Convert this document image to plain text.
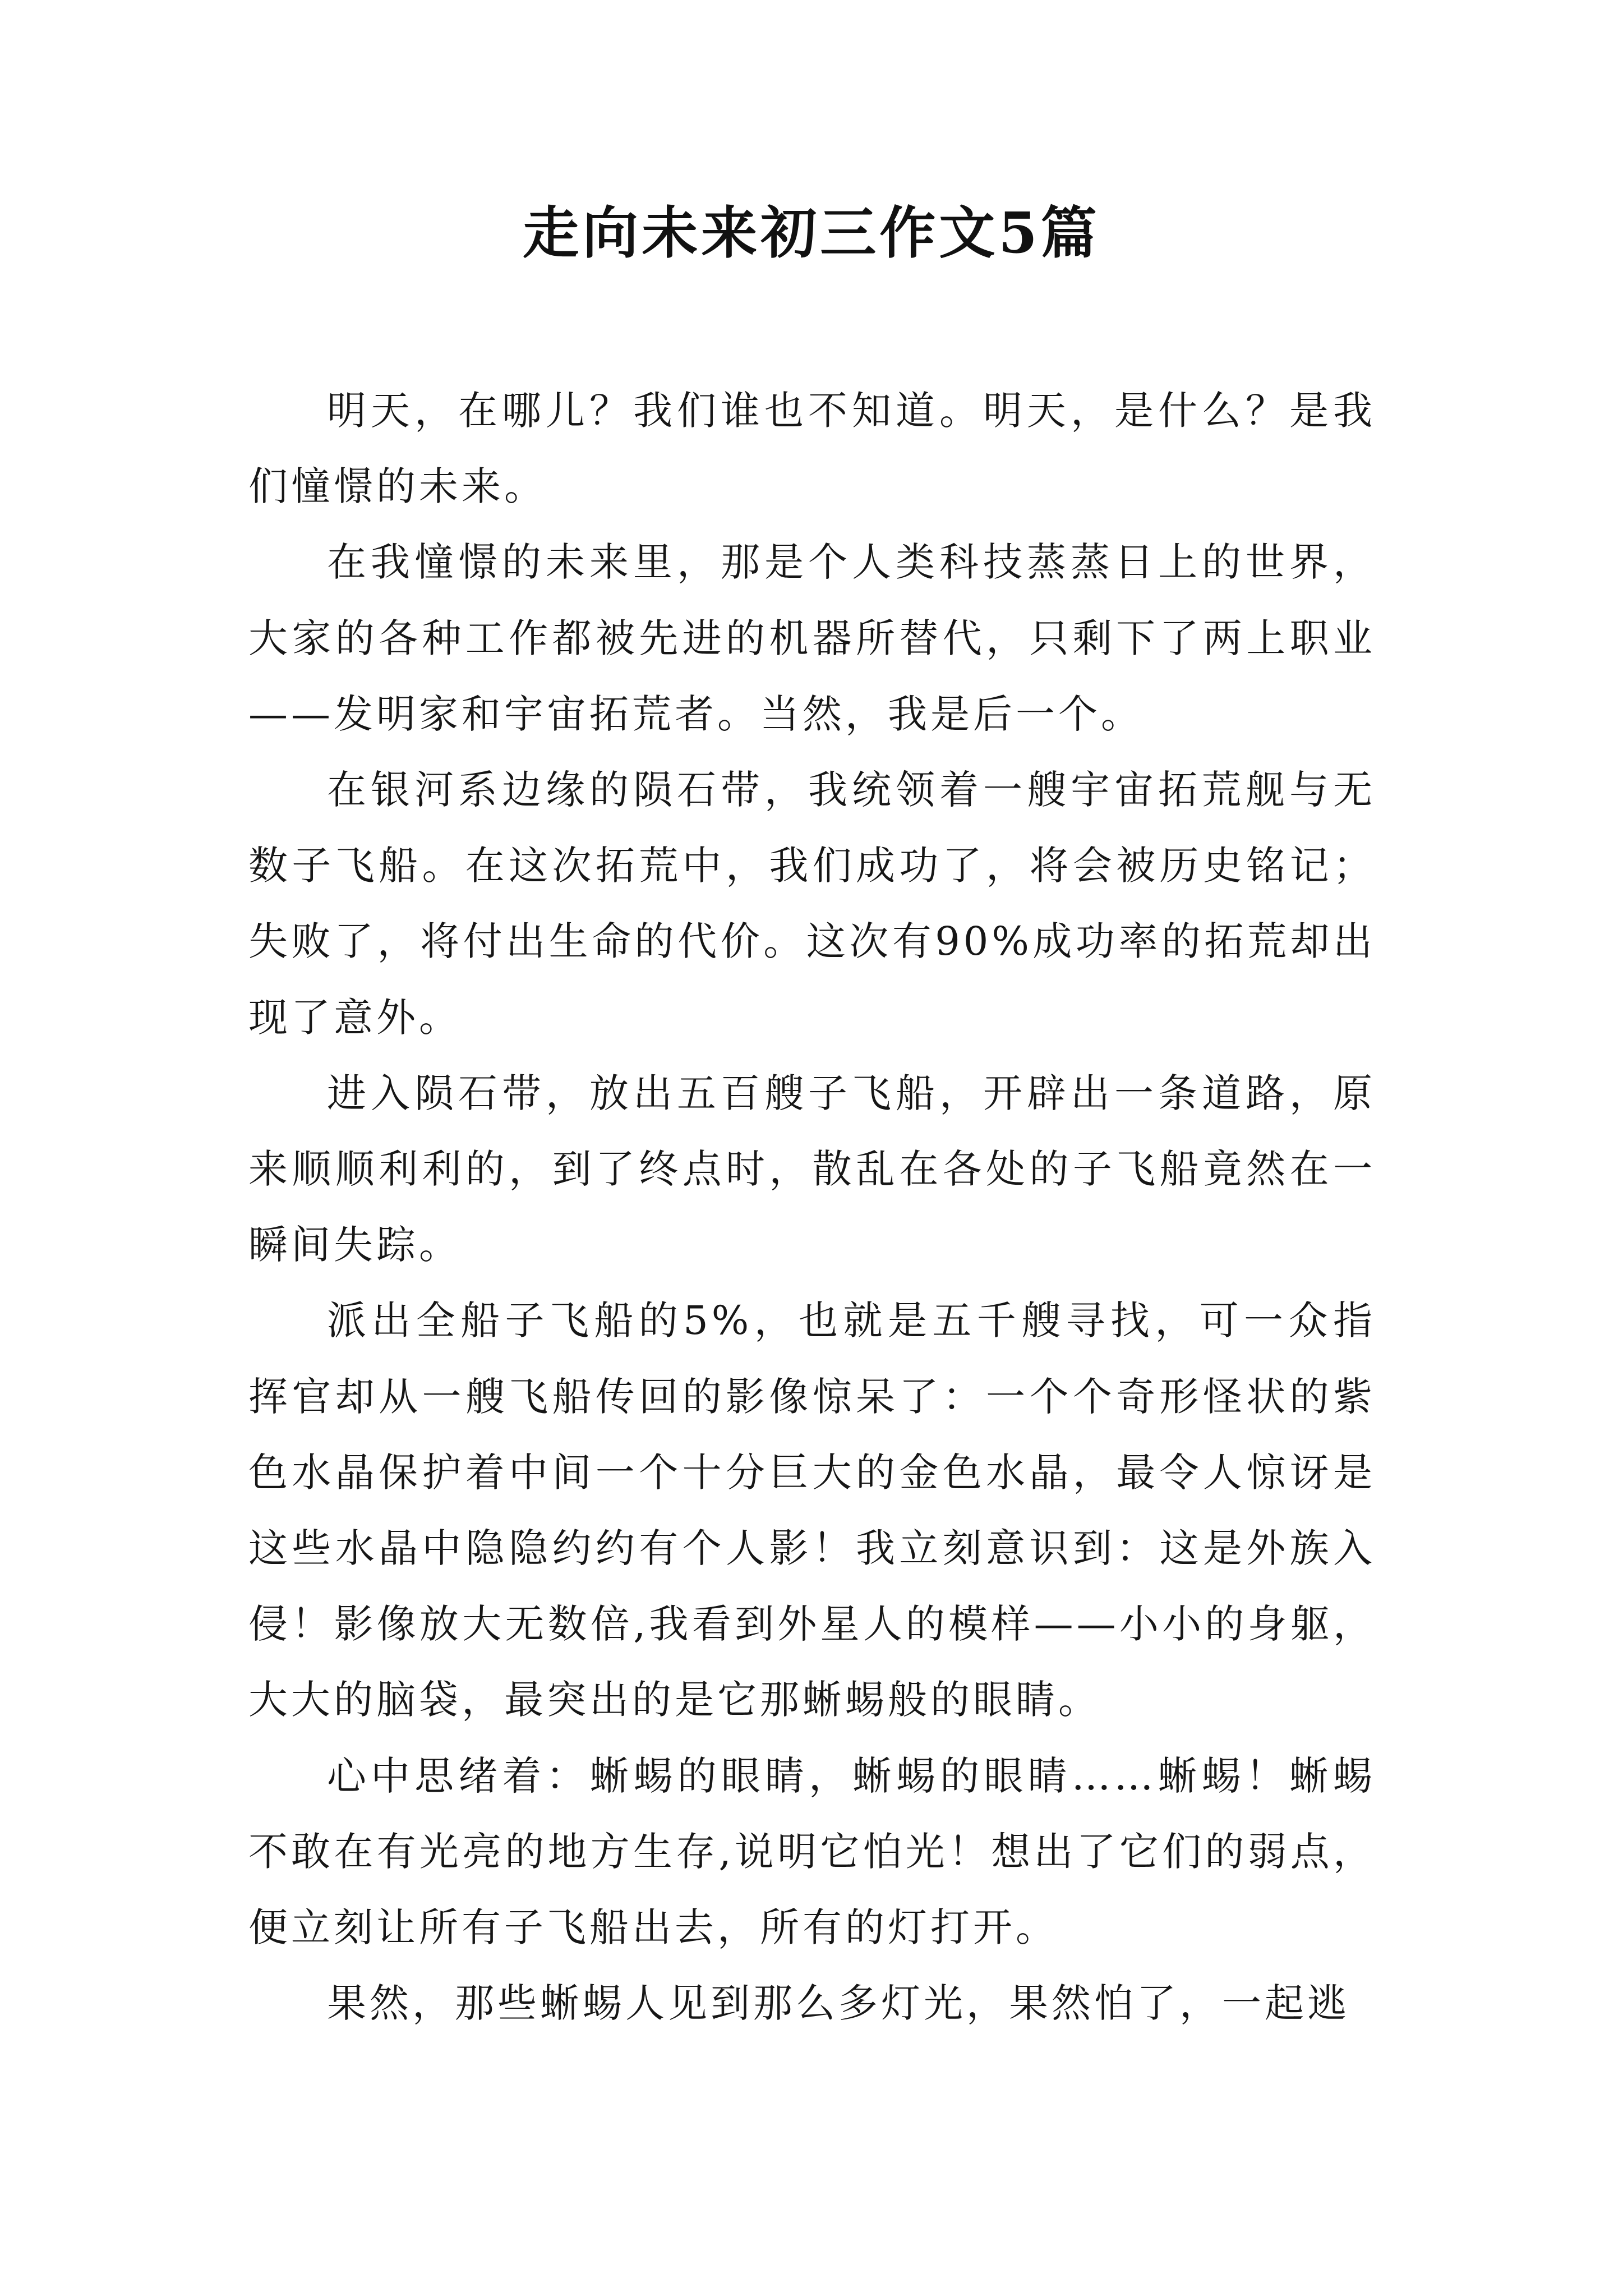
走向未来初三作文5篇

明天，在哪儿？我们谁也不知道。明天，是什么？是我们憧憬的未来。

在我憧憬的未来里，那是个人类科技蒸蒸日上的世界，大家的各种工作都被先进的机器所替代，只剩下了两上职业——发明家和宇宙拓荒者。当然，我是后一个。

在银河系边缘的陨石带，我统领着一艘宇宙拓荒舰与无数子飞船。在这次拓荒中，我们成功了，将会被历史铭记；失败了，将付出生命的代价。这次有90%成功率的拓荒却出现了意外。

进入陨石带，放出五百艘子飞船，开辟出一条道路，原来顺顺利利的，到了终点时，散乱在各处的子飞船竟然在一瞬间失踪。

派出全船子飞船的5%，也就是五千艘寻找，可一众指挥官却从一艘飞船传回的影像惊呆了：一个个奇形怪状的紫色水晶保护着中间一个十分巨大的金色水晶，最令人惊讶是这些水晶中隐隐约约有个人影！我立刻意识到：这是外族入侵！影像放大无数倍,我看到外星人的模样——小小的身躯，大大的脑袋，最突出的是它那蜥蜴般的眼睛。

心中思绪着：蜥蜴的眼睛，蜥蜴的眼睛……蜥蜴！蜥蜴不敢在有光亮的地方生存,说明它怕光！想出了它们的弱点，便立刻让所有子飞船出去，所有的灯打开。

果然，那些蜥蜴人见到那么多灯光，果然怕了，一起逃
